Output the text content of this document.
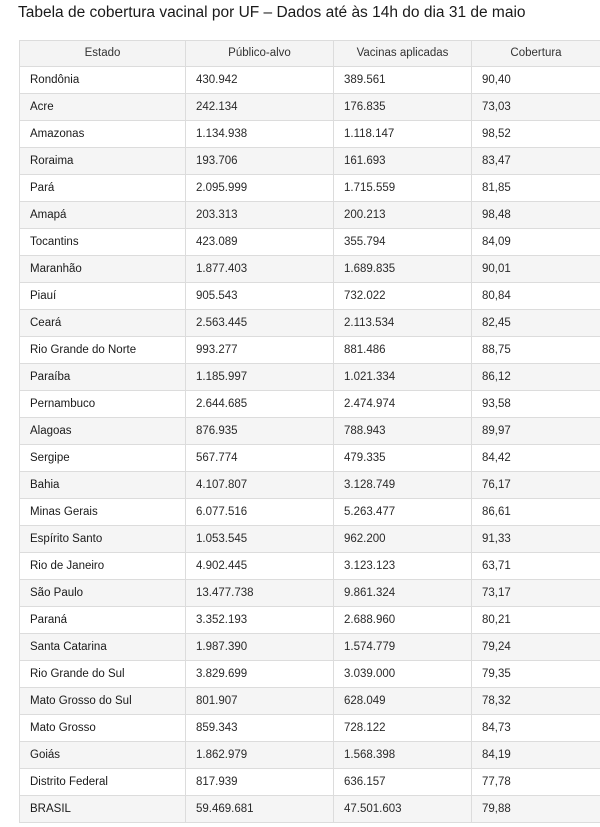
Tabela de cobertura vacinal por UF – Dados até às 14h do dia 31 de maio
Estado	Público-alvo	Vacinas aplicadas	Cobertura
Rondônia	430.942	389.561	90,40
Acre	242.134	176.835	73,03
Amazonas	1.134.938	1.118.147	98,52
Roraima	193.706	161.693	83,47
Pará	2.095.999	1.715.559	81,85
Amapá	203.313	200.213	98,48
Tocantins	423.089	355.794	84,09
Maranhão	1.877.403	1.689.835	90,01
Piauí	905.543	732.022	80,84
Ceará	2.563.445	2.113.534	82,45
Rio Grande do Norte	993.277	881.486	88,75
Paraíba	1.185.997	1.021.334	86,12
Pernambuco	2.644.685	2.474.974	93,58
Alagoas	876.935	788.943	89,97
Sergipe	567.774	479.335	84,42
Bahia	4.107.807	3.128.749	76,17
Minas Gerais	6.077.516	5.263.477	86,61
Espírito Santo	1.053.545	962.200	91,33
Rio de Janeiro	4.902.445	3.123.123	63,71
São Paulo	13.477.738	9.861.324	73,17
Paraná	3.352.193	2.688.960	80,21
Santa Catarina	1.987.390	1.574.779	79,24
Rio Grande do Sul	3.829.699	3.039.000	79,35
Mato Grosso do Sul	801.907	628.049	78,32
Mato Grosso	859.343	728.122	84,73
Goiás	1.862.979	1.568.398	84,19
Distrito Federal	817.939	636.157	77,78
BRASIL	59.469.681	47.501.603	79,88
